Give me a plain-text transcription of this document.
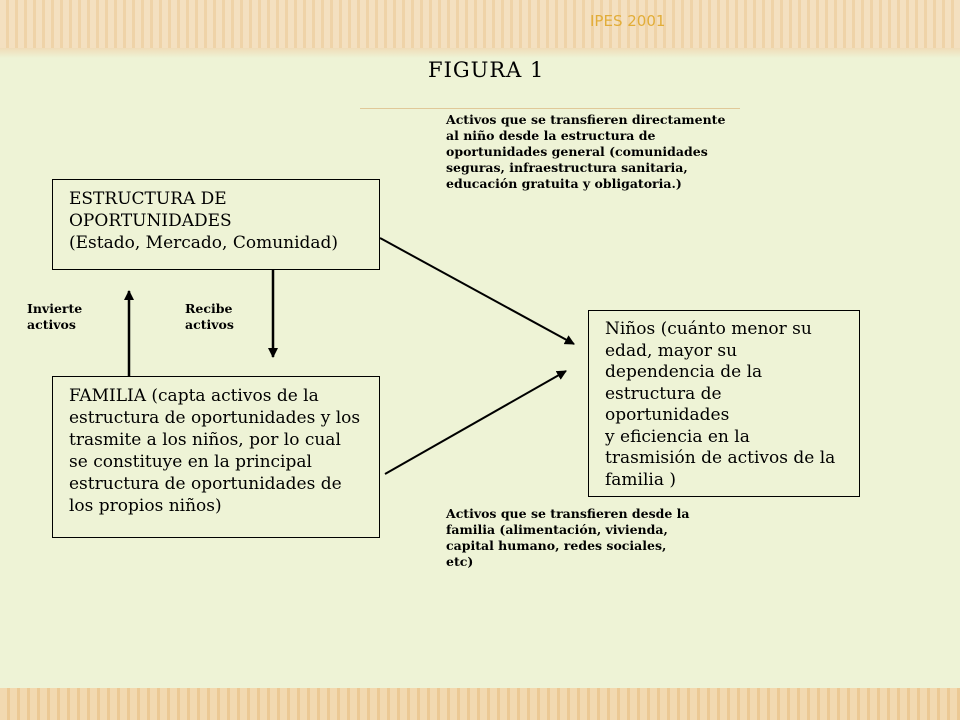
IPES 2001
FIGURA 1
ESTRUCTURA DE
OPORTUNIDADES
(Estado, Mercado, Comunidad)
FAMILIA (capta activos de la
estructura de oportunidades y los
trasmite a los niños, por lo cual
se constituye en la principal
estructura de oportunidades de
los propios niños)
Niños (cuánto menor su
edad, mayor su
dependencia de la
estructura de oportunidades
y eficiencia en la
trasmisión de activos de la
familia )
Activos que se transfieren directamente
al niño desde la estructura de
oportunidades general (comunidades
seguras, infraestructura sanitaria,
educación gratuita y obligatoria.)
Activos que se transfieren desde la
familia (alimentación, vivienda,
capital humano, redes sociales,
etc)
Invierte
activos
Recibe
activos
